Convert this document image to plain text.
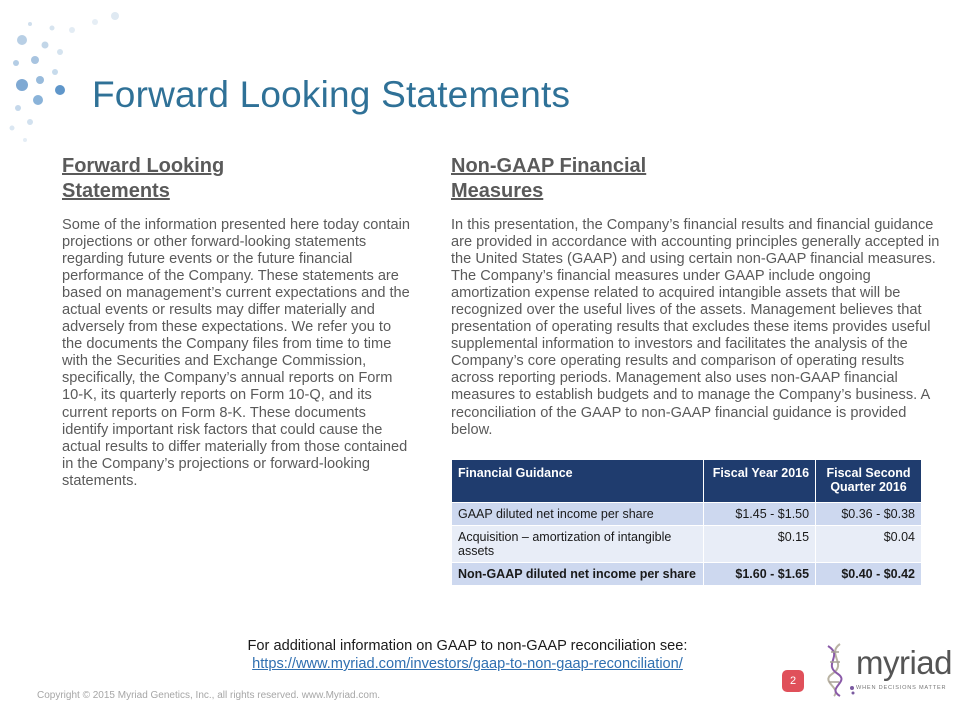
Forward Looking Statements
Forward Looking Statements

Some of the information presented here today contain projections or other forward-looking statements regarding future events or the future financial performance of the Company. These statements are based on management’s current expectations and the actual events or results may differ materially and adversely from these expectations. We refer you to the documents the Company files from time to time with the Securities and Exchange Commission, specifically, the Company’s annual reports on Form 10-K, its quarterly reports on Form 10-Q, and its current reports on Form 8-K. These documents identify important risk factors that could cause the actual results to differ materially from those contained in the Company’s projections or forward-looking statements.

Non-GAAP Financial Measures

In this presentation, the Company’s financial results and financial guidance are provided in accordance with accounting principles generally accepted in the United States (GAAP) and using certain non-GAAP financial measures. The Company’s financial measures under GAAP include ongoing amortization expense related to acquired intangible assets that will be recognized over the useful lives of the assets. Management believes that presentation of operating results that excludes these items provides useful supplemental information to investors and facilitates the analysis of the Company’s core operating results and comparison of operating results across reporting periods. Management also uses non-GAAP financial measures to establish budgets and to manage the Company’s business. A reconciliation of the GAAP to non-GAAP financial guidance is provided below.

Financial Guidance	Fiscal Year 2016	Fiscal Second Quarter 2016
GAAP diluted net income per share	$1.45 - $1.50	$0.36 - $0.38
Acquisition – amortization of intangible assets	$0.15	$0.04
Non-GAAP diluted net income per share	$1.60 - $1.65	$0.40 - $0.42
For additional information on GAAP to non-GAAP reconciliation see:
https://www.myriad.com/investors/gaap-to-non-gaap-reconciliation/
Copyright © 2015 Myriad Genetics, Inc., all rights reserved. www.Myriad.com.
2 myriad
WHEN DECISIONS MATTER
